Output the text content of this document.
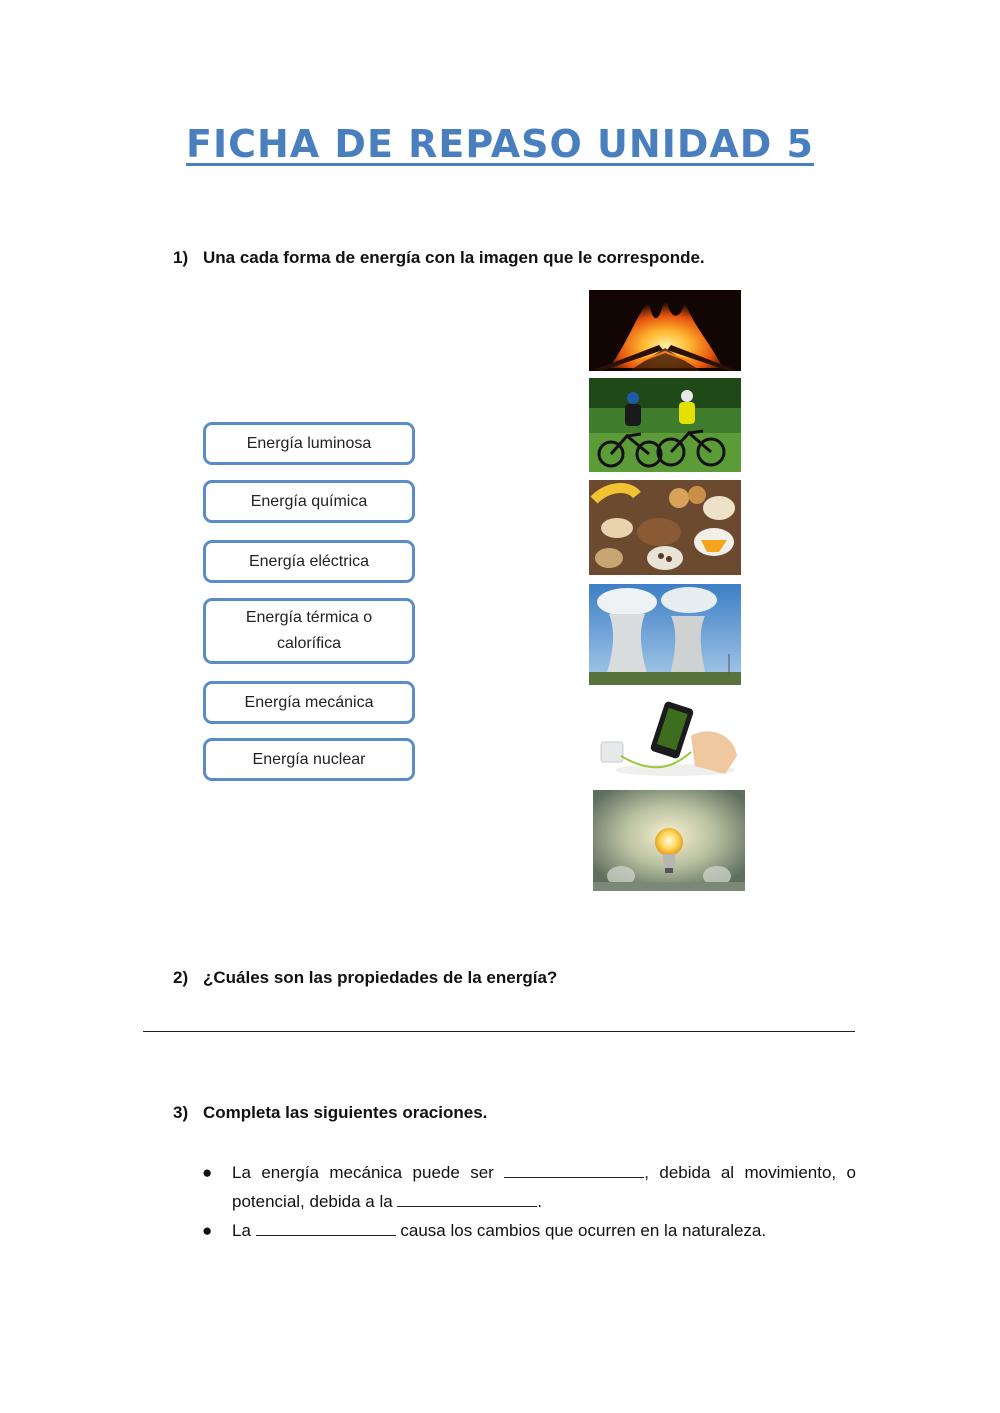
FICHA DE REPASO UNIDAD 5
1) Una cada forma de energía con la imagen que le corresponde.
Energía luminosa
Energía química
Energía eléctrica
Energía térmica o calorífica
Energía mecánica
Energía nuclear
2) ¿Cuáles son las propiedades de la energía?
3) Completa las siguientes oraciones.
● La energía mecánica puede ser	, debida al movimiento, o potencial, debida a la	.
● La	causa los cambios que ocurren en la naturaleza.
